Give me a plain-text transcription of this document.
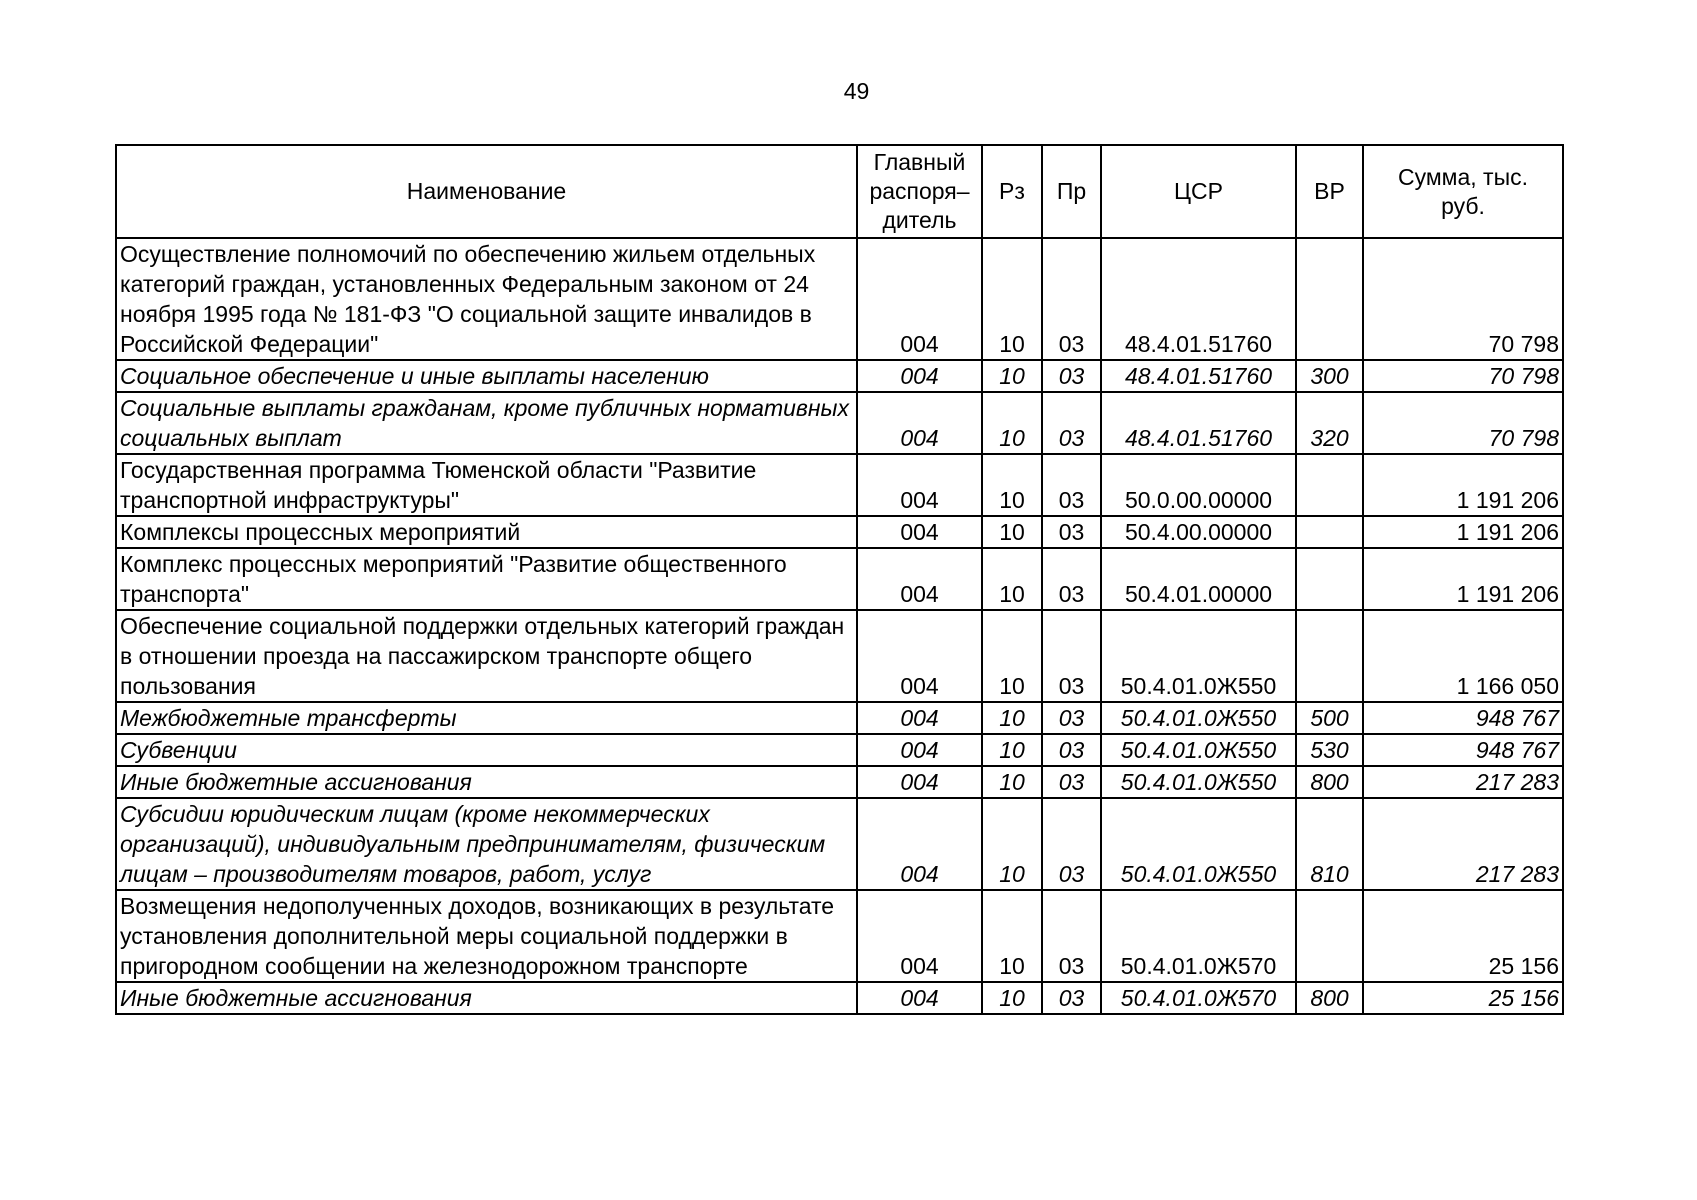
49
Наименование	Главный распоря– дитель	Рз	Пр	ЦСР	ВР	Сумма, тыс. руб.
Осуществление полномочий по обеспечению жильем отдельных категорий граждан, установленных Федеральным законом от 24 ноября 1995 года № 181-ФЗ "О социальной защите инвалидов в Российской Федерации"	004	10	03	48.4.01.51760		70 798
Социальное обеспечение и иные выплаты населению	004	10	03	48.4.01.51760	300	70 798
Социальные выплаты гражданам, кроме публичных нормативных социальных выплат	004	10	03	48.4.01.51760	320	70 798
Государственная программа Тюменской области "Развитие транспортной инфраструктуры"	004	10	03	50.0.00.00000		1 191 206
Комплексы процессных мероприятий	004	10	03	50.4.00.00000		1 191 206
Комплекс процессных мероприятий "Развитие общественного транспорта"	004	10	03	50.4.01.00000		1 191 206
Обеспечение социальной поддержки отдельных категорий граждан в отношении проезда на пассажирском транспорте общего пользования	004	10	03	50.4.01.0Ж550		1 166 050
Межбюджетные трансферты	004	10	03	50.4.01.0Ж550	500	948 767
Субвенции	004	10	03	50.4.01.0Ж550	530	948 767
Иные бюджетные ассигнования	004	10	03	50.4.01.0Ж550	800	217 283
Субсидии юридическим лицам (кроме некоммерческих организаций), индивидуальным предпринимателям, физическим лицам – производителям товаров, работ, услуг	004	10	03	50.4.01.0Ж550	810	217 283
Возмещения недополученных доходов, возникающих в результате установления дополнительной меры социальной поддержки в пригородном сообщении на железнодорожном транспорте	004	10	03	50.4.01.0Ж570		25 156
Иные бюджетные ассигнования	004	10	03	50.4.01.0Ж570	800	25 156
